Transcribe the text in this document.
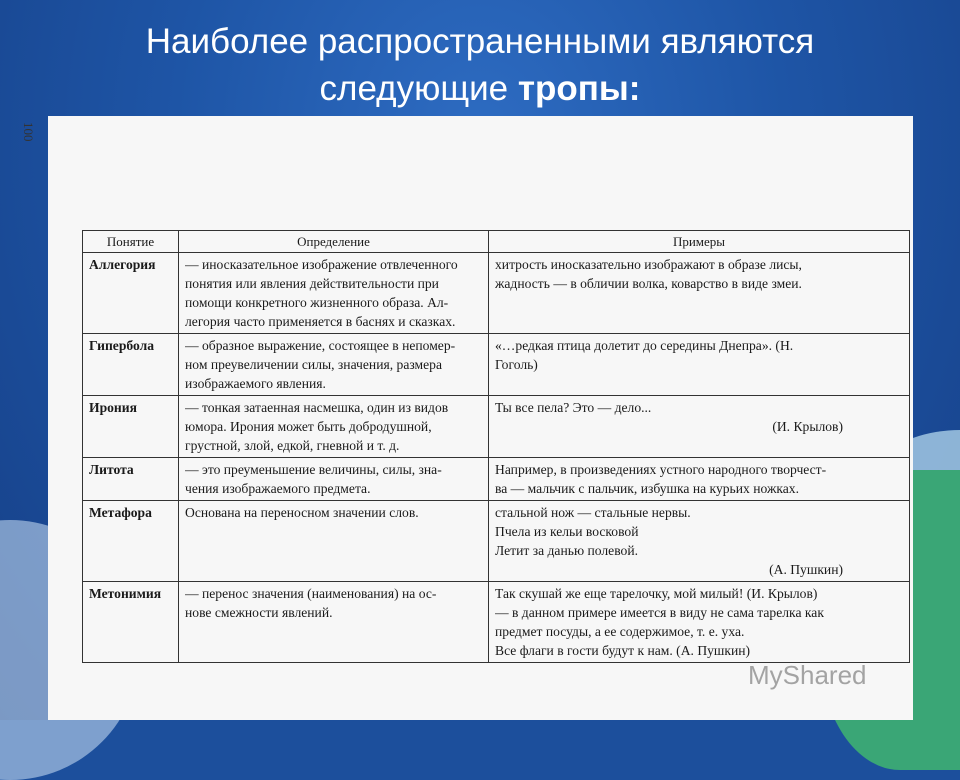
Наиболее распространенными являются
следующие тропы:
100
Понятие	Определение	Примеры
Аллегория	— иносказательное изображение отвлеченного
понятия или явления действительности при
помощи конкретного жизненного образа. Ал-
легория часто применяется в баснях и сказках.	хитрость иносказательно изображают в образе лисы,
жадность — в обличии волка, коварство в виде змеи.

Гипербола	— образное выражение, состоящее в непомер-
ном преувеличении силы, значения, размера
изображаемого явления.	«…редкая птица долетит до середины Днепра». (Н.
Гоголь)

Ирония	— тонкая затаенная насмешка, один из видов
юмора. Ирония может быть добродушной,
грустной, злой, едкой, гневной и т. д.	Ты все пела? Это — дело...
(И. Крылов)

Литота	— это преуменьшение величины, силы, зна-
чения изображаемого предмета.	Например, в произведениях устного народного творчест-
ва — мальчик с пальчик, избушка на курьих ножках.

Метафора	Основана на переносном значении слов.	стальной нож — стальные нервы.
Пчела из кельи восковой
Летит за данью полевой.
(А. Пушкин)

Метонимия	— перенос значения (наименования) на ос-
нове смежности явлений.	Так скушай же еще тарелочку, мой милый! (И. Крылов)
— в данном примере имеется в виду не сама тарелка как
предмет посуды, а ее содержимое, т. е. уха.
Все флаги в гости будут к нам. (А. Пушкин)
MyShared
